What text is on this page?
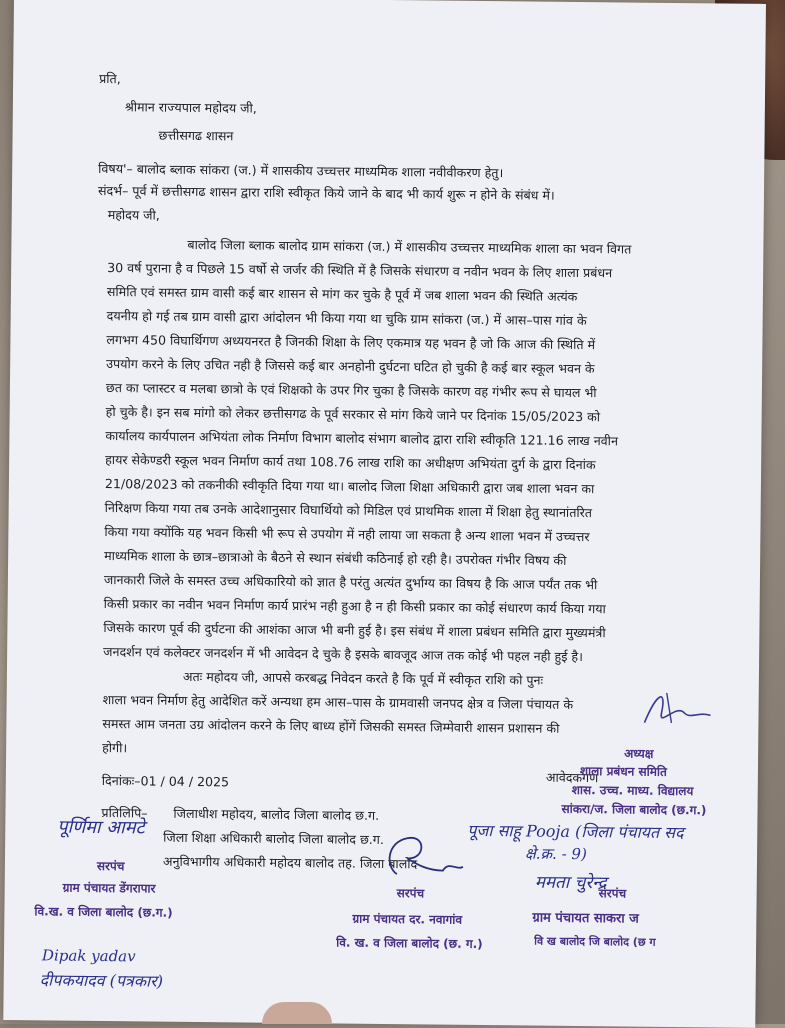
प्रति,
श्रीमान राज्यपाल महोदय जी,
छत्तीसगढ शासन
विषय'– बालोद ब्लाक सांकरा (ज.) में शासकीय उच्चत्तर माध्यमिक शाला नवीवीकरण हेतु।
संदर्भ– पूर्व में छत्तीसगढ शासन द्वारा राशि स्वीकृत किये जाने के बाद भी कार्य शुरू न होने के संबंध में।
महोदय जी,

बालोद जिला ब्लाक बालोद ग्राम सांकरा (ज.) में शासकीय उच्चत्तर माध्यमिक शाला का भवन विगत

30 वर्ष पुराना है व पिछले 15 वर्षो से जर्जर की स्थिति में है जिसके संधारण व नवीन भवन के लिए शाला प्रबंधन

समिति एवं समस्त ग्राम वासी कई बार शासन से मांग कर चुके है पूर्व में जब शाला भवन की स्थिति अत्यंक

दयनीय हो गई तब ग्राम वासी द्वारा आंदोलन भी किया गया था चुकि ग्राम सांकरा (ज.) में आस–पास गांव के

लगभग 450 विघार्थिगण अध्ययनरत है जिनकी शिक्षा के लिए एकमात्र यह भवन है जो कि आज की स्थिति में

उपयोग करने के लिए उचित नही है जिससे कई बार अनहोनी दुर्घटना घटित हो चुकी है कई बार स्कूल भवन के

छत का प्लास्टर व मलबा छात्रो के एवं शिक्षको के उपर गिर चुका है जिसके कारण वह गंभीर रूप से घायल भी

हो चुके है। इन सब मांगो को लेकर छत्तीसगढ के पूर्व सरकार से मांग किये जाने पर दिनांक 15/05/2023 को

कार्यालय कार्यपालन अभियंता लोक निर्माण विभाग बालोद संभाग बालोद द्वारा राशि स्वीकृति 121.16 लाख नवीन

हायर सेकेण्डरी स्कूल भवन निर्माण कार्य तथा 108.76 लाख राशि का अधीक्षण अभियंता दुर्ग के द्वारा दिनांक

21/08/2023 को तकनीकी स्वीकृति दिया गया था। बालोद जिला शिक्षा अधिकारी द्वारा जब शाला भवन का

निरिक्षण किया गया तब उनके आदेशानुसार विघार्थियो को मिडिल एवं प्राथमिक शाला में शिक्षा हेतु स्थानांतरित

किया गया क्योंकि यह भवन किसी भी रूप से उपयोग में नही लाया जा सकता है अन्य शाला भवन में उच्चत्तर

माध्यमिक शाला के छात्र–छात्राओ के बैठने से स्थान संबंधी कठिनाई हो रही है। उपरोक्त गंभीर विषय की

जानकारी जिले के समस्त उच्च अधिकारियो को ज्ञात है परंतु अत्यंत दुर्भाग्य का विषय है कि आज पर्यंत तक भी

किसी प्रकार का नवीन भवन निर्माण कार्य प्रारंभ नही हुआ है न ही किसी प्रकार का कोई संधारण कार्य किया गया

जिसके कारण पूर्व की दुर्घटना की आशंका आज भी बनी हुई है। इस संबंध में शाला प्रबंधन समिति द्वारा मुख्यमंत्री

जनदर्शन एवं कलेक्टर जनदर्शन में भी आवेदन दे चुके है इसके बावजूद आज तक कोई भी पहल नही हुई है।

अतः महोदय जी, आपसे करबद्ध निवेदन करते है कि पूर्व में स्वीकृत राशि को पुनः

शाला भवन निर्माण हेतु आदेशित करें अन्यथा हम आस–पास के ग्रामवासी जनपद क्षेत्र व जिला पंचायत के

समस्त आम जनता उग्र आंदोलन करने के लिए बाध्य होंगें जिसकी समस्त जिम्मेवारी शासन प्रशासन की

होगी।

दिनांकः–01 / 04 / 2025	आवेदकगण
प्रतिलिपि– जिलाधीश महोदय, बालोद जिला बालोद छ.ग.
जिला शिक्षा अधिकारी बालोद जिला बालोद छ.ग.
अनुविभागीय अधिकारी महोदय बालोद तह. जिला बालोद
अध्यक्ष
शाला प्रबंधन समिति
शास. उच्च. माध्य. विद्यालय
सांकरा/ज. जिला बालोद (छ.ग.)
पूर्णिमा आमटे
सरपंच
ग्राम पंचायत डेंगरापार
वि.ख. व जिला बालोद (छ.ग.)
सरपंच
ग्राम पंचायत दर. नवागांव
वि. ख. व जिला बालोद (छ. ग.)
पूजा साहू Pooja (जिला पंचायत सद
क्षे.क्र. - 9)
ममता चुरेन्द्र
सरपंच
ग्राम पंचायत साकरा ज
वि ख बालोद जि बालोद (छ ग
Dipak yadav
दीपकयादव (पत्रकार)
